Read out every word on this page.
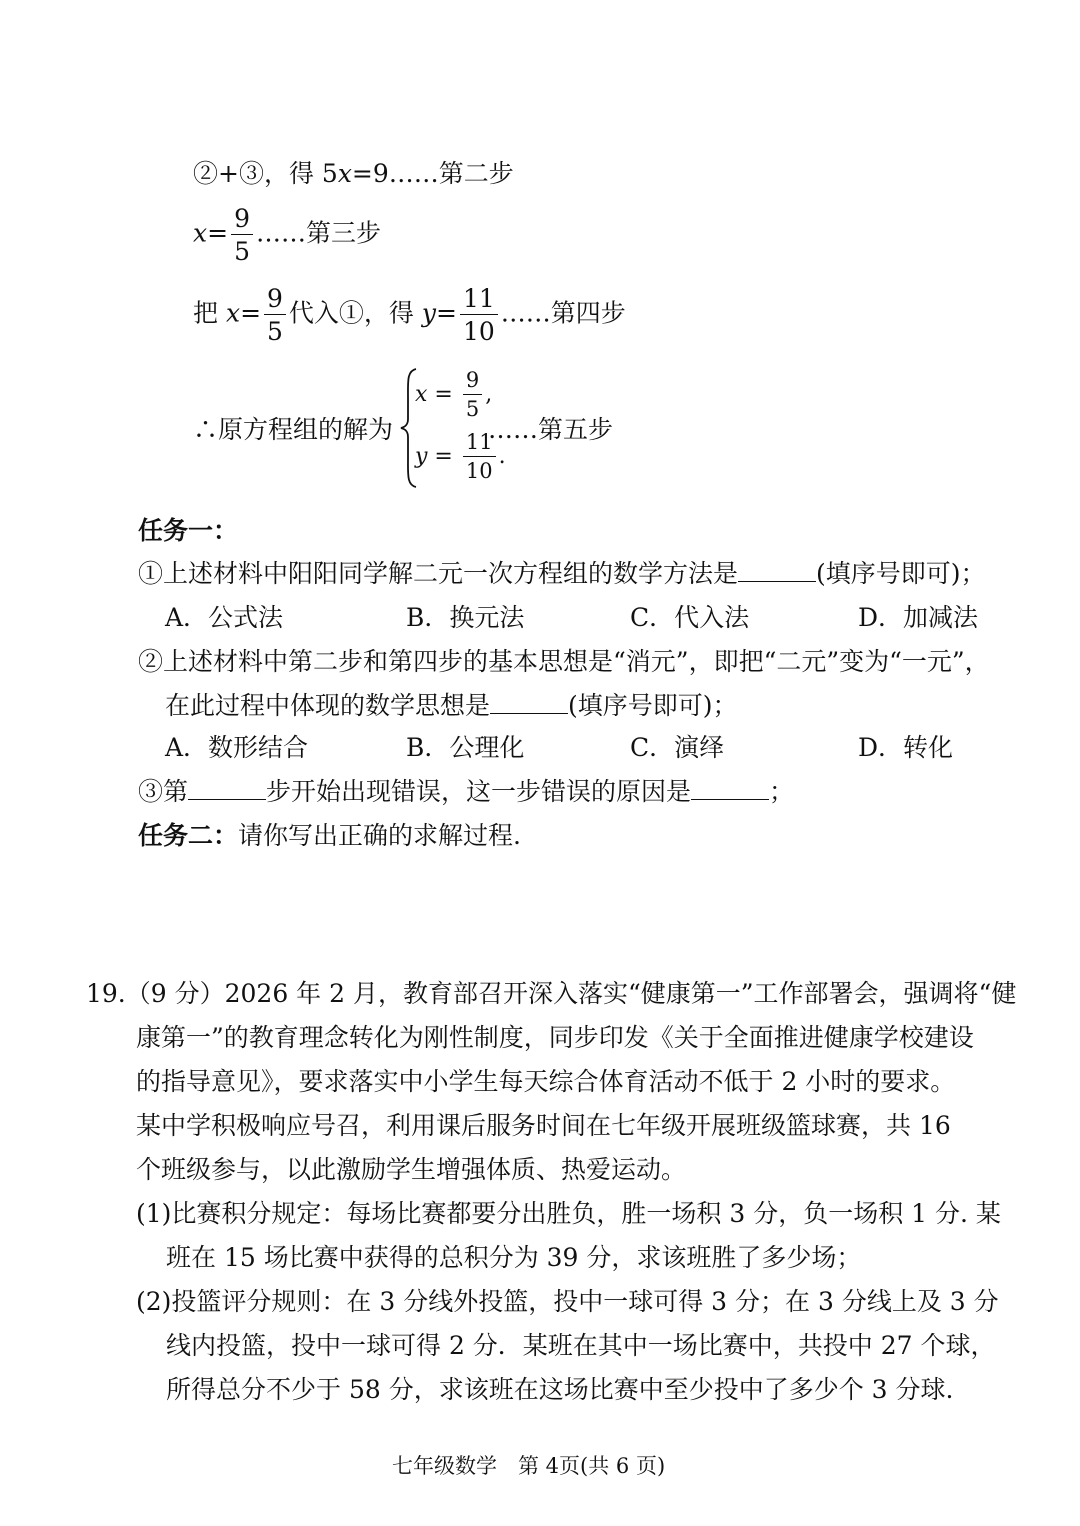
②+③，得 5x=9……第二步
$x= \frac{9}{5}$ ……第三步
把 $x= \frac{9}{5}$ 代入①，得 $y= \frac{11}{10}$ ……第四步
∴原方程组的解为
$x = \frac{9}{5}$ ,
$y = \frac{11}{10}$ .
……第五步
任务一：
①上述材料中阳阳同学解二元一次方程组的数学方法是	(填序号即可)；
A．公式法	B．换元法	C．代入法	D．加减法
②上述材料中第二步和第四步的基本思想是“消元”，即把“二元”变为“一元”，
在此过程中体现的数学思想是	(填序号即可)；
A．数形结合	B．公理化	C．演绎	D．转化
③第	步开始出现错误，这一步错误的原因是	；
任务二：请你写出正确的求解过程.
19.（9 分）2026 年 2 月，教育部召开深入落实“健康第一”工作部署会，强调将“健
康第一”的教育理念转化为刚性制度，同步印发《关于全面推进健康学校建设
的指导意见》，要求落实中小学生每天综合体育活动不低于 2 小时的要求。
某中学积极响应号召，利用课后服务时间在七年级开展班级篮球赛，共 16
个班级参与，以此激励学生增强体质、热爱运动。
(1)比赛积分规定：每场比赛都要分出胜负，胜一场积 3 分，负一场积 1 分. 某
班在 15 场比赛中获得的总积分为 39 分，求该班胜了多少场；
(2)投篮评分规则：在 3 分线外投篮，投中一球可得 3 分；在 3 分线上及 3 分
线内投篮，投中一球可得 2 分．某班在其中一场比赛中，共投中 27 个球，
所得总分不少于 58 分，求该班在这场比赛中至少投中了多少个 3 分球.
七年级数学　第 4页(共 6 页)
